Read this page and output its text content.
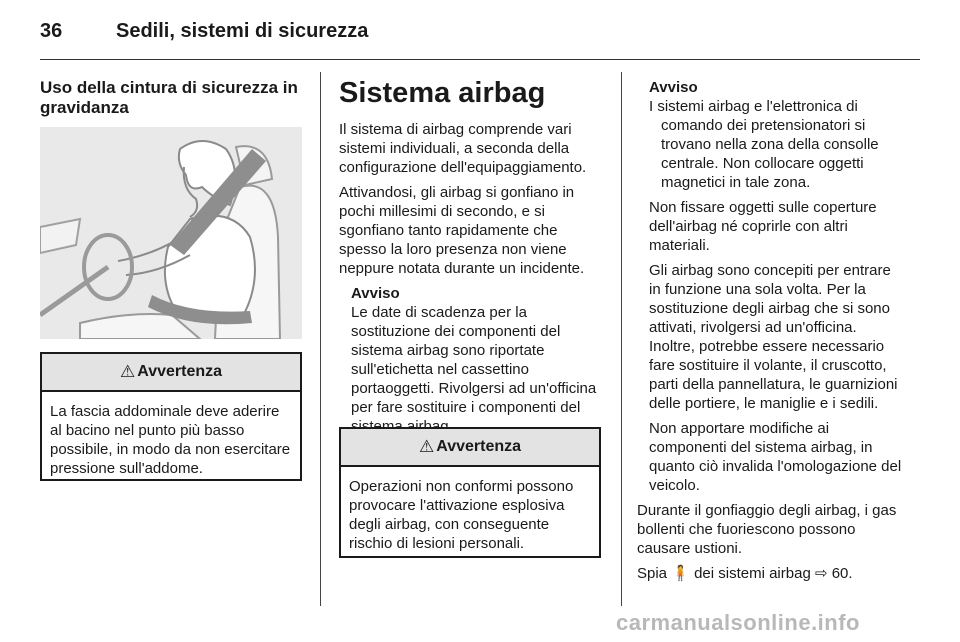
36	Sedili, sistemi di sicurezza
Uso della cintura di sicurezza in gravidanza
⚠ Avvertenza
La fascia addominale deve aderire al bacino nel punto più basso possibile, in modo da non esercitare pressione sull'addome.
Sistema airbag

Il sistema di airbag comprende vari sistemi individuali, a seconda della configurazione dell'equipaggiamento.

Attivandosi, gli airbag si gonfiano in pochi millesimi di secondo, e si sgonfiano tanto rapidamente che spesso la loro presenza non viene neppure notata durante un incidente.

Avviso

Le date di scadenza per la sostituzione dei componenti del sistema airbag sono riportate sull'etichetta nel cassettino portaoggetti. Rivolgersi ad un'officina per fare sostituire i componenti del

⚠ Avvertenza
Operazioni non conformi possono provocare l'attivazione esplosiva degli airbag, con conseguente rischio di lesioni personali.
Avviso

I sistemi airbag e l'elettronica di comando dei pretensionatori si trovano nella zona della consolle centrale. Non collocare oggetti magnetici in tale zona.

Non fissare oggetti sulle coperture dell'airbag né coprirle con altri materiali.

Gli airbag sono concepiti per entrare in funzione una sola volta. Per la sostituzione degli airbag che si sono attivati, rivolgersi ad un'officina. Inoltre, potrebbe essere necessario fare sostituire il volante, il cruscotto, parti della pannellatura, le guarnizioni delle portiere, le maniglie e i sedili.

Non apportare modifiche ai componenti del sistema airbag, in quanto ciò invalida l'omologazione del veicolo.

Durante il gonfiaggio degli airbag, i gas bollenti che fuoriescono possono causare ustioni.

Spia 🧍 dei sistemi airbag ⇨ 60.

carmanualsonline.info
